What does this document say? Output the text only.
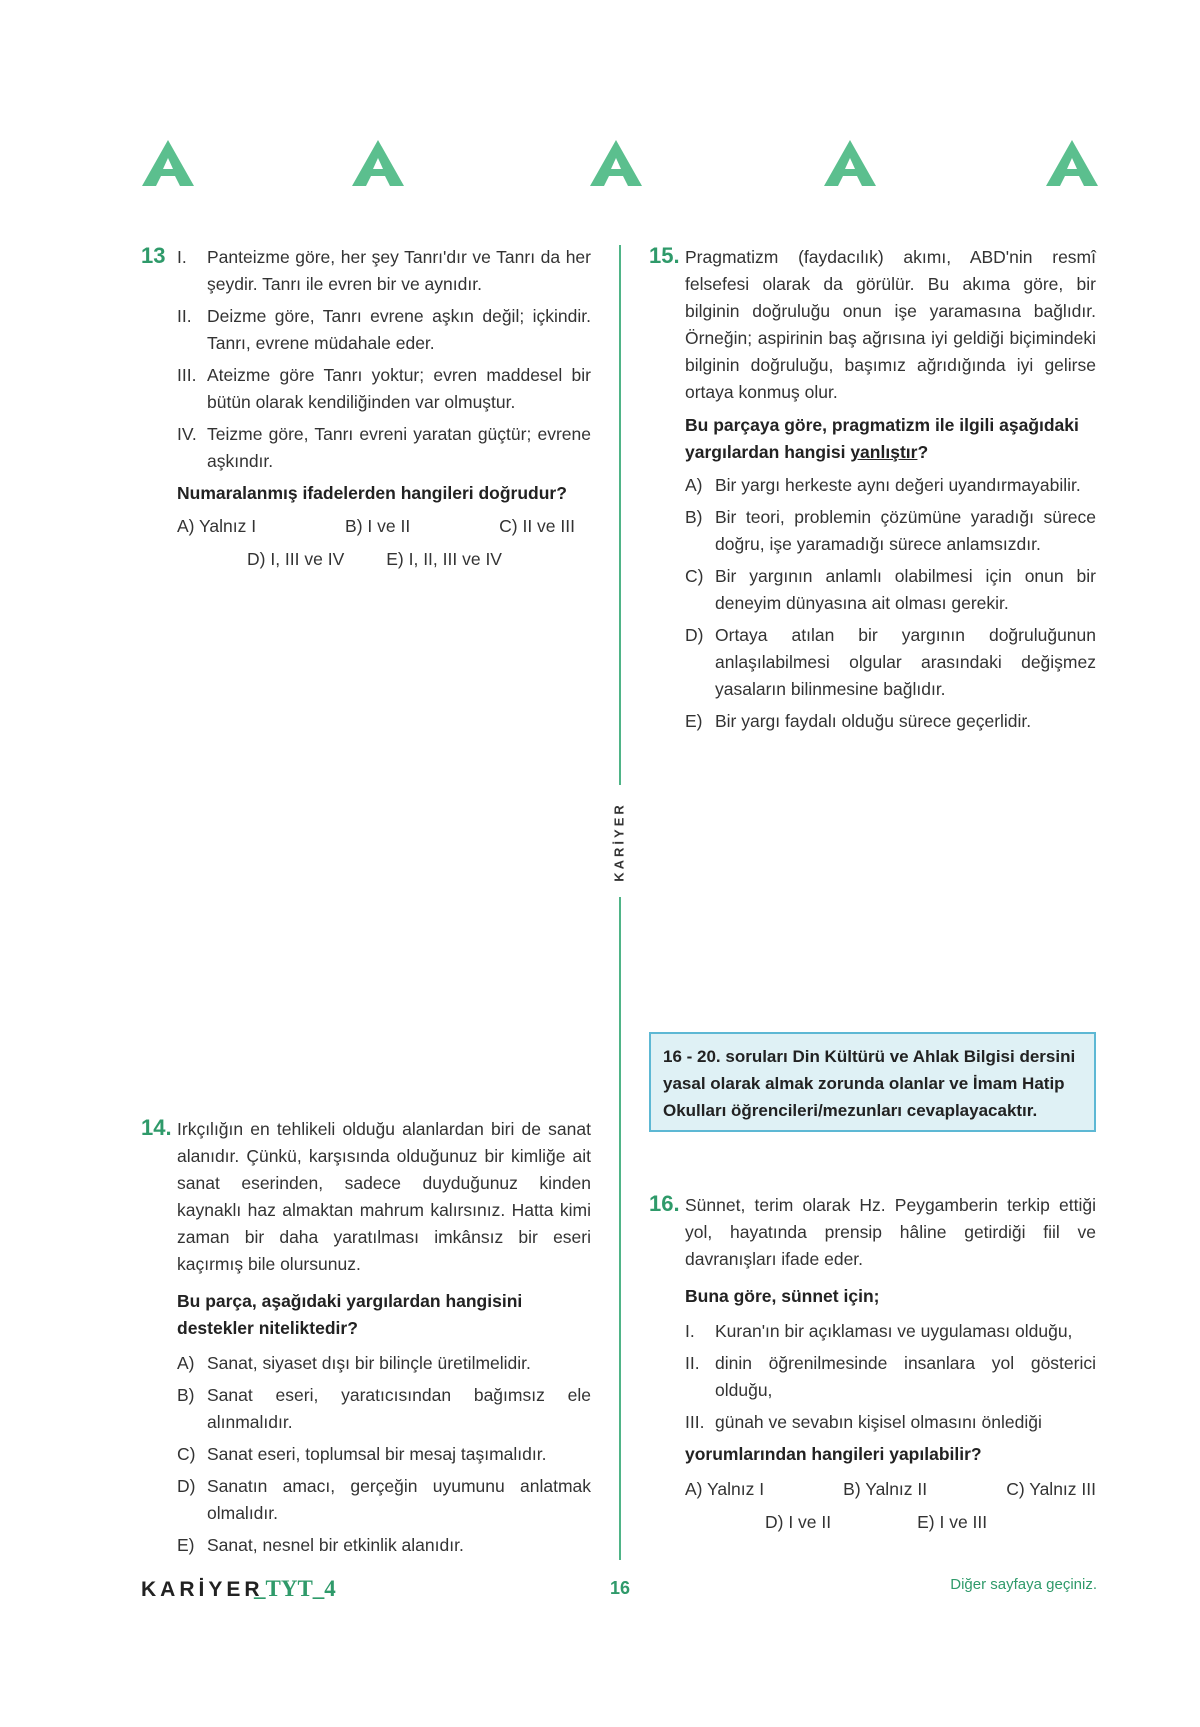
A	A	A	A	A
KARİYER
13 I.	Panteizme göre, her şey Tanrı'dır ve Tanrı da her şeydir. Tanrı ile evren bir ve aynıdır.
II. Deizme göre, Tanrı evrene aşkın değil; içkindir. Tanrı, evrene müdahale eder.
III. Ateizme göre Tanrı yoktur; evren maddesel bir bütün olarak kendiliğinden var olmuştur.
IV. Teizme göre, Tanrı evreni yaratan güçtür; evrene aşkındır.
Numaralanmış ifadelerden hangileri doğrudur?
A) Yalnız I	B) I ve II	C) II ve III
D) I, III ve IV E) I, II, III ve IV
14. Irkçılığın en tehlikeli olduğu alanlardan biri de sanat alanıdır. Çünkü, karşısında olduğunuz bir kimliğe ait sanat eserinden, sadece duyduğunuz kinden kaynaklı haz almaktan mahrum kalırsınız. Hatta kimi zaman bir daha yaratılması imkânsız bir eseri kaçırmış bile olursunuz.
Bu parça, aşağıdaki yargılardan hangisini destekler niteliktedir?
A) Sanat, siyaset dışı bir bilinçle üretilmelidir.
B) Sanat eseri, yaratıcısından bağımsız ele alınmalıdır.
C) Sanat eseri, toplumsal bir mesaj taşımalıdır.
D) Sanatın amacı, gerçeğin uyumunu anlatmak olmalıdır.
E) Sanat, nesnel bir etkinlik alanıdır.
15. Pragmatizm (faydacılık) akımı, ABD'nin resmî felsefesi olarak da görülür. Bu akıma göre, bir bilginin doğruluğu onun işe yaramasına bağlıdır. Örneğin; aspirinin baş ağrısına iyi geldiği biçimindeki bilginin doğruluğu, başımız ağrıdığında iyi gelirse ortaya konmuş olur.
Bu parçaya göre, pragmatizm ile ilgili aşağıdaki yargılardan hangisi yanlıştır?
A) Bir yargı herkeste aynı değeri uyandırmayabilir.
B) Bir teori, problemin çözümüne yaradığı sürece doğru, işe yaramadığı sürece anlamsızdır.
C) Bir yargının anlamlı olabilmesi için onun bir deneyim dünyasına ait olması gerekir.
D) Ortaya atılan bir yargının doğruluğunun anlaşılabilmesi olgular arasındaki değişmez yasaların bilinmesine bağlıdır.
E) Bir yargı faydalı olduğu sürece geçerlidir.
16 - 20. soruları Din Kültürü ve Ahlak Bilgisi dersini yasal olarak almak zorunda olanlar ve İmam Hatip Okulları öğrencileri/mezunları cevaplayacaktır.
16. Sünnet, terim olarak Hz. Peygamberin terkip ettiği yol, hayatında prensip hâline getirdiği fiil ve davranışları ifade eder.
Buna göre, sünnet için;
I.	Kuran'ın bir açıklaması ve uygulaması olduğu,
II. dinin öğrenilmesinde insanlara yol gösterici olduğu,
III. günah ve sevabın kişisel olmasını önlediği
yorumlarından hangileri yapılabilir?
A) Yalnız I	B) Yalnız II	C) Yalnız III
D) I ve II	E) I ve III
KARİYER
_TYT_4	16	Diğer sayfaya geçiniz.
